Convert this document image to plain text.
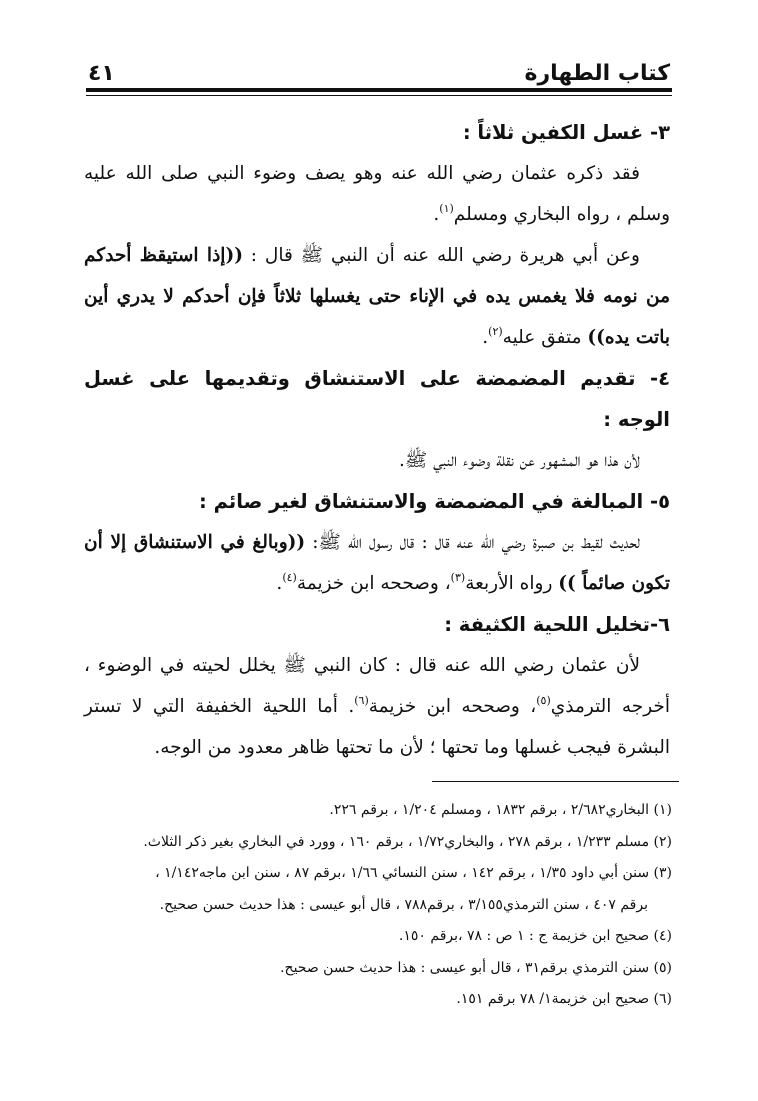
كتاب الطهارة
٤١

٣- غسل الكفين ثلاثاً :

فقد ذكره عثمان رضي الله عنه وهو يصف وضوء النبي صلى الله عليه وسلم ، رواه البخاري ومسلم$^{(١)}$.

وعن أبي هريرة رضي الله عنه أن النبي ﷺ قال : ((إذا استيقظ أحدكم من نومه فلا يغمس يده في الإناء حتى يغسلها ثلاثاً فإن أحدكم لا يدري أين باتت يده)) متفق عليه$^{(٢)}$.

٤- تقديم المضمضة على الاستنشاق وتقديمها على غسل الوجه :

لأن هذا هو المشهور عن نقلة وضوء النبي ﷺ.

٥- المبالغة في المضمضة والاستنشاق لغير صائم :

لحديث لقيط بن صبرة رضي الله عنه قال : قال رسول الله ﷺ: ((وبالغ في الاستنشاق إلا أن تكون صائماً )) رواه الأربعة$^{(٣)}$، وصححه ابن خزيمة$^{(٤)}$.

٦-تخليل اللحية الكثيفة :

لأن عثمان رضي الله عنه قال : كان النبي ﷺ يخلل لحيته في الوضوء ، أخرجه الترمذي$^{(٥)}$، وصححه ابن خزيمة$^{(٦)}$. أما اللحية الخفيفة التي لا تستر البشرة فيجب غسلها وما تحتها ؛ لأن ما تحتها ظاهر معدود من الوجه.

(١) البخاري٢/٦٨٢ ، برقم ١٨٣٢ ، ومسلم ١/٢٠٤ ، برقم ٢٢٦.

(٢) مسلم ١/٢٣٣ ، برقم ٢٧٨ ، والبخاري١/٧٢ ، برقم ١٦٠ ، وورد في البخاري بغير ذكر الثلاث.

(٣) سنن أبي داود ١/٣٥ ، برقم ١٤٢ ، سنن النسائي ١/٦٦ ،برقم ٨٧ ، سنن ابن ماجه١/١٤٢ ،

برقم ٤٠٧ ، سنن الترمذي٣/١٥٥ ، برقم٧٨٨ ، قال أبو عيسى : هذا حديث حسن صحيح.

(٤) صحيح ابن خزيمة ج : ١ ص : ٧٨ ،برقم ١٥٠.

(٥) سنن الترمذي برقم٣١ ، قال أبو عيسى : هذا حديث حسن صحيح.

(٦) صحيح ابن خزيمة١/ ٧٨ برقم ١٥١.
